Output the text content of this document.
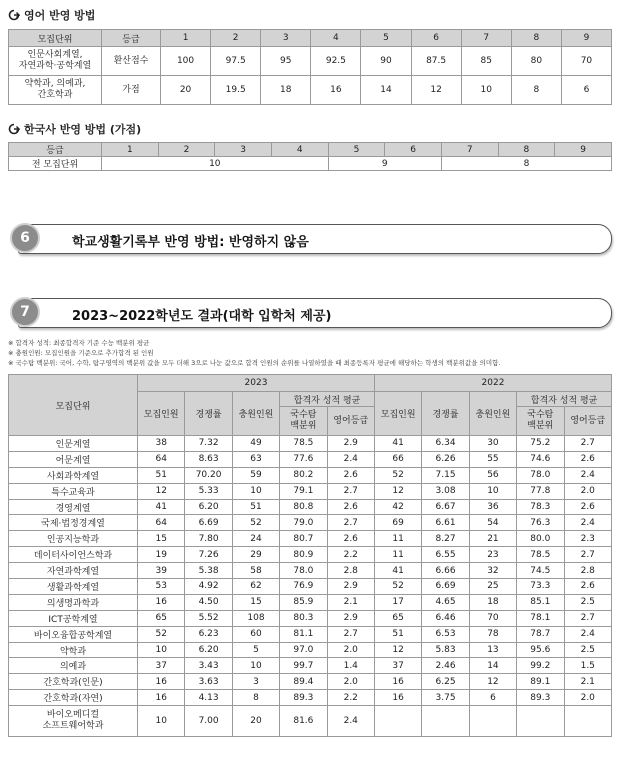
영어 반영 방법
모집단위	등급	1	2	3	4	5	6	7	8	9
인문사회계열,
자연과학·공학계열	환산점수	100	97.5	95	92.5	90	87.5	85	80	70
약학과, 의예과,
간호학과	가점	20	19.5	18	16	14	12	10	8	6
한국사 반영 방법 (가점)
등급	1	2	3	4	5	6	7	8	9
전 모집단위	10				9		8		
6	학교생활기록부 반영 방법: 반영하지 않음
7	2023~2022학년도 결과(대학 입학처 제공)
※ 합격자 성적: 최종합격자 기준 수능 백분위 평균
※ 충원인원: 모집인원을 기준으로 추가합격 된 인원
※ 국수탐 백분위: 국어, 수학, 탐구영역의 백분위 값을 모두 더해 3으로 나눈 값으로 합격 인원의 순위를 나열하였을 때 최종등록자 평균에 해당하는 학생의 백분위값을 의미함.
모집단위	2023					2022				
	모집인원	경쟁률	충원인원	합격자 성적 평균		모집인원	경쟁률	충원인원	합격자 성적 평균	
				국수탐
백분위	영어등급				국수탐
백분위	영어등급
인문계열	38	7.32	49	78.5	2.9	41	6.34	30	75.2	2.7
어문계열	64	8.63	63	77.6	2.4	66	6.26	55	74.6	2.6
사회과학계열	51	70.20	59	80.2	2.6	52	7.15	56	78.0	2.4
특수교육과	12	5.33	10	79.1	2.7	12	3.08	10	77.8	2.0
경영계열	41	6.20	51	80.8	2.6	42	6.67	36	78.3	2.6
국제·법정경계열	64	6.69	52	79.0	2.7	69	6.61	54	76.3	2.4
인공지능학과	15	7.80	24	80.7	2.6	11	8.27	21	80.0	2.3
데이터사이언스학과	19	7.26	29	80.9	2.2	11	6.55	23	78.5	2.7
자연과학계열	39	5.38	58	78.0	2.8	41	6.66	32	74.5	2.8
생활과학계열	53	4.92	62	76.9	2.9	52	6.69	25	73.3	2.6
의생명과학과	16	4.50	15	85.9	2.1	17	4.65	18	85.1	2.5
ICT공학계열	65	5.52	108	80.3	2.9	65	6.46	70	78.1	2.7
바이오융합공학계열	52	6.23	60	81.1	2.7	51	6.53	78	78.7	2.4
약학과	10	6.20	5	97.0	2.0	12	5.83	13	95.6	2.5
의예과	37	3.43	10	99.7	1.4	37	2.46	14	99.2	1.5
간호학과(인문)	16	3.63	3	89.4	2.0	16	6.25	12	89.1	2.1
간호학과(자연)	16	4.13	8	89.3	2.2	16	3.75	6	89.3	2.0
바이오메디컬
소프트웨어학과	10	7.00	20	81.6	2.4					
